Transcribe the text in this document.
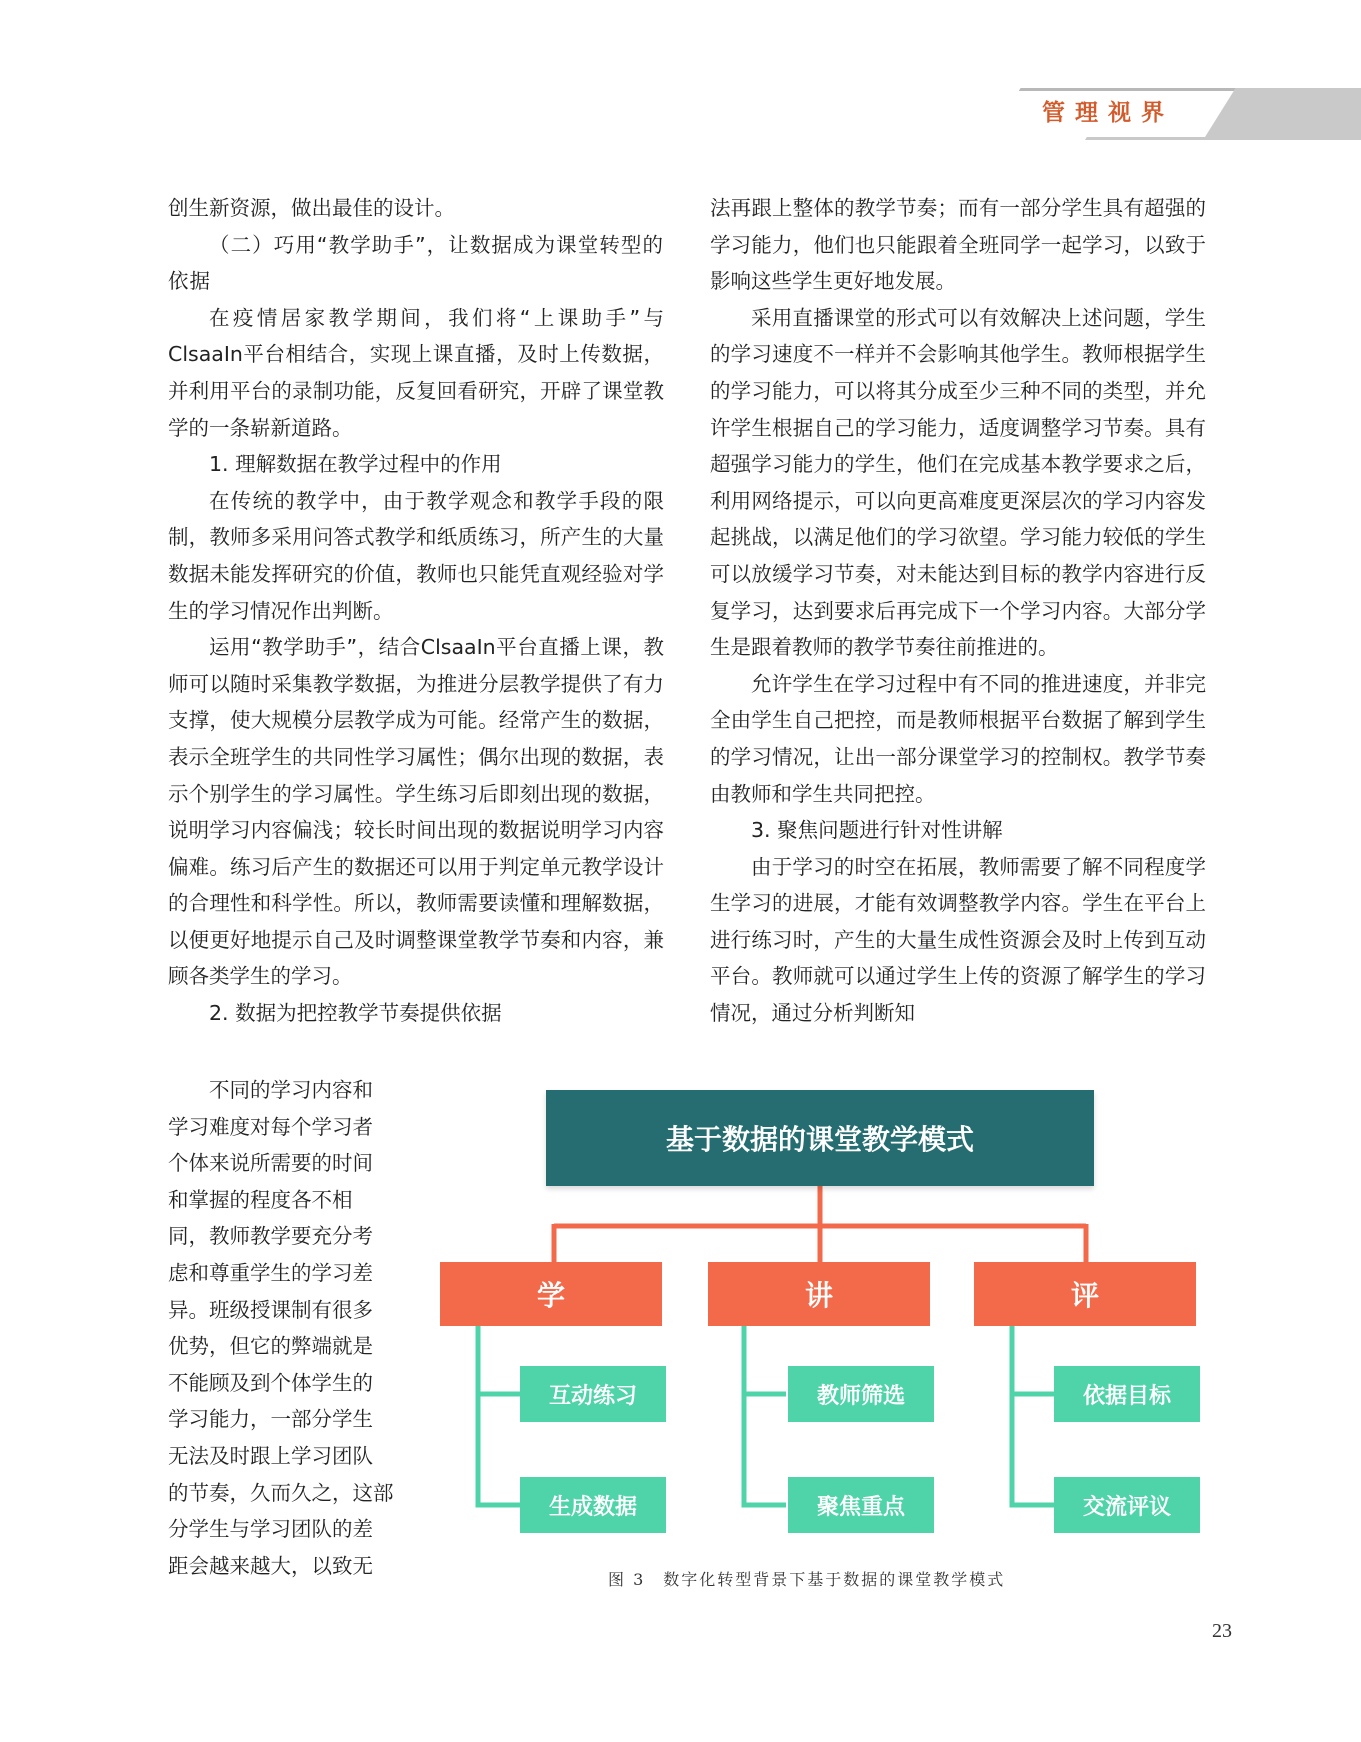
管理视界

创生新资源，做出最佳的设计。

（二）巧用“教学助手”，让数据成为课堂转型的依据

在疫情居家教学期间，我们将“上课助手”与ClsaaIn平台相结合，实现上课直播，及时上传数据，并利用平台的录制功能，反复回看研究，开辟了课堂教学的一条崭新道路。

1. 理解数据在教学过程中的作用

在传统的教学中，由于教学观念和教学手段的限制，教师多采用问答式教学和纸质练习，所产生的大量数据未能发挥研究的价值，教师也只能凭直观经验对学生的学习情况作出判断。

运用“教学助手”，结合ClsaaIn平台直播上课，教师可以随时采集教学数据，为推进分层教学提供了有力支撑，使大规模分层教学成为可能。经常产生的数据，表示全班学生的共同性学习属性；偶尔出现的数据，表示个别学生的学习属性。学生练习后即刻出现的数据，说明学习内容偏浅；较长时间出现的数据说明学习内容偏难。练习后产生的数据还可以用于判定单元教学设计的合理性和科学性。所以，教师需要读懂和理解数据，以便更好地提示自己及时调整课堂教学节奏和内容，兼顾各类学生的学习。

2. 数据为把控教学节奏提供依据

不同的学习内容和
学习难度对每个学习者
个体来说所需要的时间
和掌握的程度各不相
同，教师教学要充分考
虑和尊重学生的学习差
异。班级授课制有很多
优势，但它的弊端就是
不能顾及到个体学生的
学习能力，一部分学生
无法及时跟上学习团队
的节奏，久而久之，这部
分学生与学习团队的差
距会越来越大，以致无

法再跟上整体的教学节奏；而有一部分学生具有超强的学习能力，他们也只能跟着全班同学一起学习，以致于影响这些学生更好地发展。

采用直播课堂的形式可以有效解决上述问题，学生的学习速度不一样并不会影响其他学生。教师根据学生的学习能力，可以将其分成至少三种不同的类型，并允许学生根据自己的学习能力，适度调整学习节奏。具有超强学习能力的学生，他们在完成基本教学要求之后，利用网络提示，可以向更高难度更深层次的学习内容发起挑战，以满足他们的学习欲望。学习能力较低的学生可以放缓学习节奏，对未能达到目标的教学内容进行反复学习，达到要求后再完成下一个学习内容。大部分学生是跟着教师的教学节奏往前推进的。

允许学生在学习过程中有不同的推进速度，并非完全由学生自己把控，而是教师根据平台数据了解到学生的学习情况，让出一部分课堂学习的控制权。教学节奏由教师和学生共同把控。

3. 聚焦问题进行针对性讲解

由于学习的时空在拓展，教师需要了解不同程度学生学习的进展，才能有效调整教学内容。学生在平台上进行练习时，产生的大量生成性资源会及时上传到互动平台。教师就可以通过学生上传的资源了解学生的学习情况，通过分析判断知

基于数据的课堂教学模式
学	讲	评
互动练习
生成数据
教师筛选
聚焦重点
依据目标
交流评议
图 3　数字化转型背景下基于数据的课堂教学模式
23
